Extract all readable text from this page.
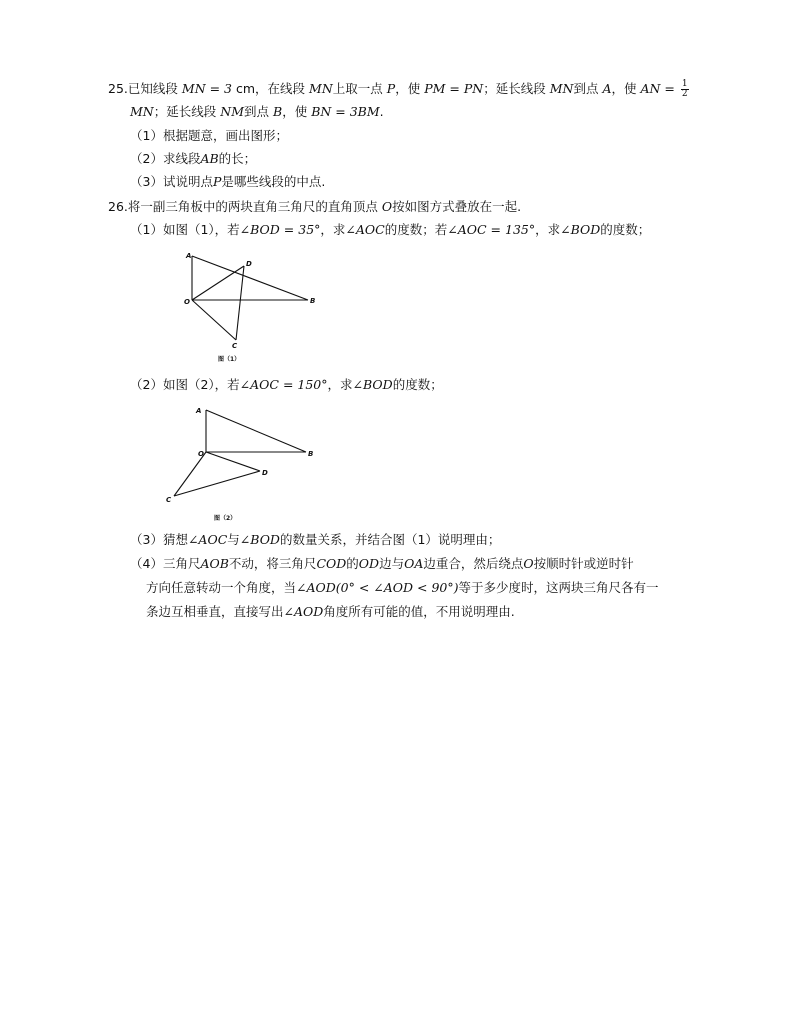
25.已知线段 MN = 3 cm，在线段 MN上取一点 P，使 PM = PN；延长线段 MN到点 A，使 AN = $\frac{1}{2}$
MN；延长线段 NM到点 B，使 BN = 3BM.
（1）根据题意，画出图形；
（2）求线段AB的长；
（3）试说明点P是哪些线段的中点.
26.将一副三角板中的两块直角三角尺的直角顶点 O按如图方式叠放在一起.
（1）如图（1），若∠BOD = 35°，求∠AOC的度数；若∠AOC = 135°，求∠BOD的度数；
A
D
O	B
C
图（1）
（2）如图（2），若∠AOC = 150°，求∠BOD的度数；
A
O	B
D
C
图（2）
（3）猜想∠AOC与∠BOD的数量关系，并结合图（1）说明理由；
（4）三角尺AOB不动，将三角尺COD的OD边与OA边重合，然后绕点O按顺时针或逆时针
方向任意转动一个角度，当∠AOD(0° < ∠AOD < 90°)等于多少度时，这两块三角尺各有一
条边互相垂直，直接写出∠AOD角度所有可能的值，不用说明理由.
